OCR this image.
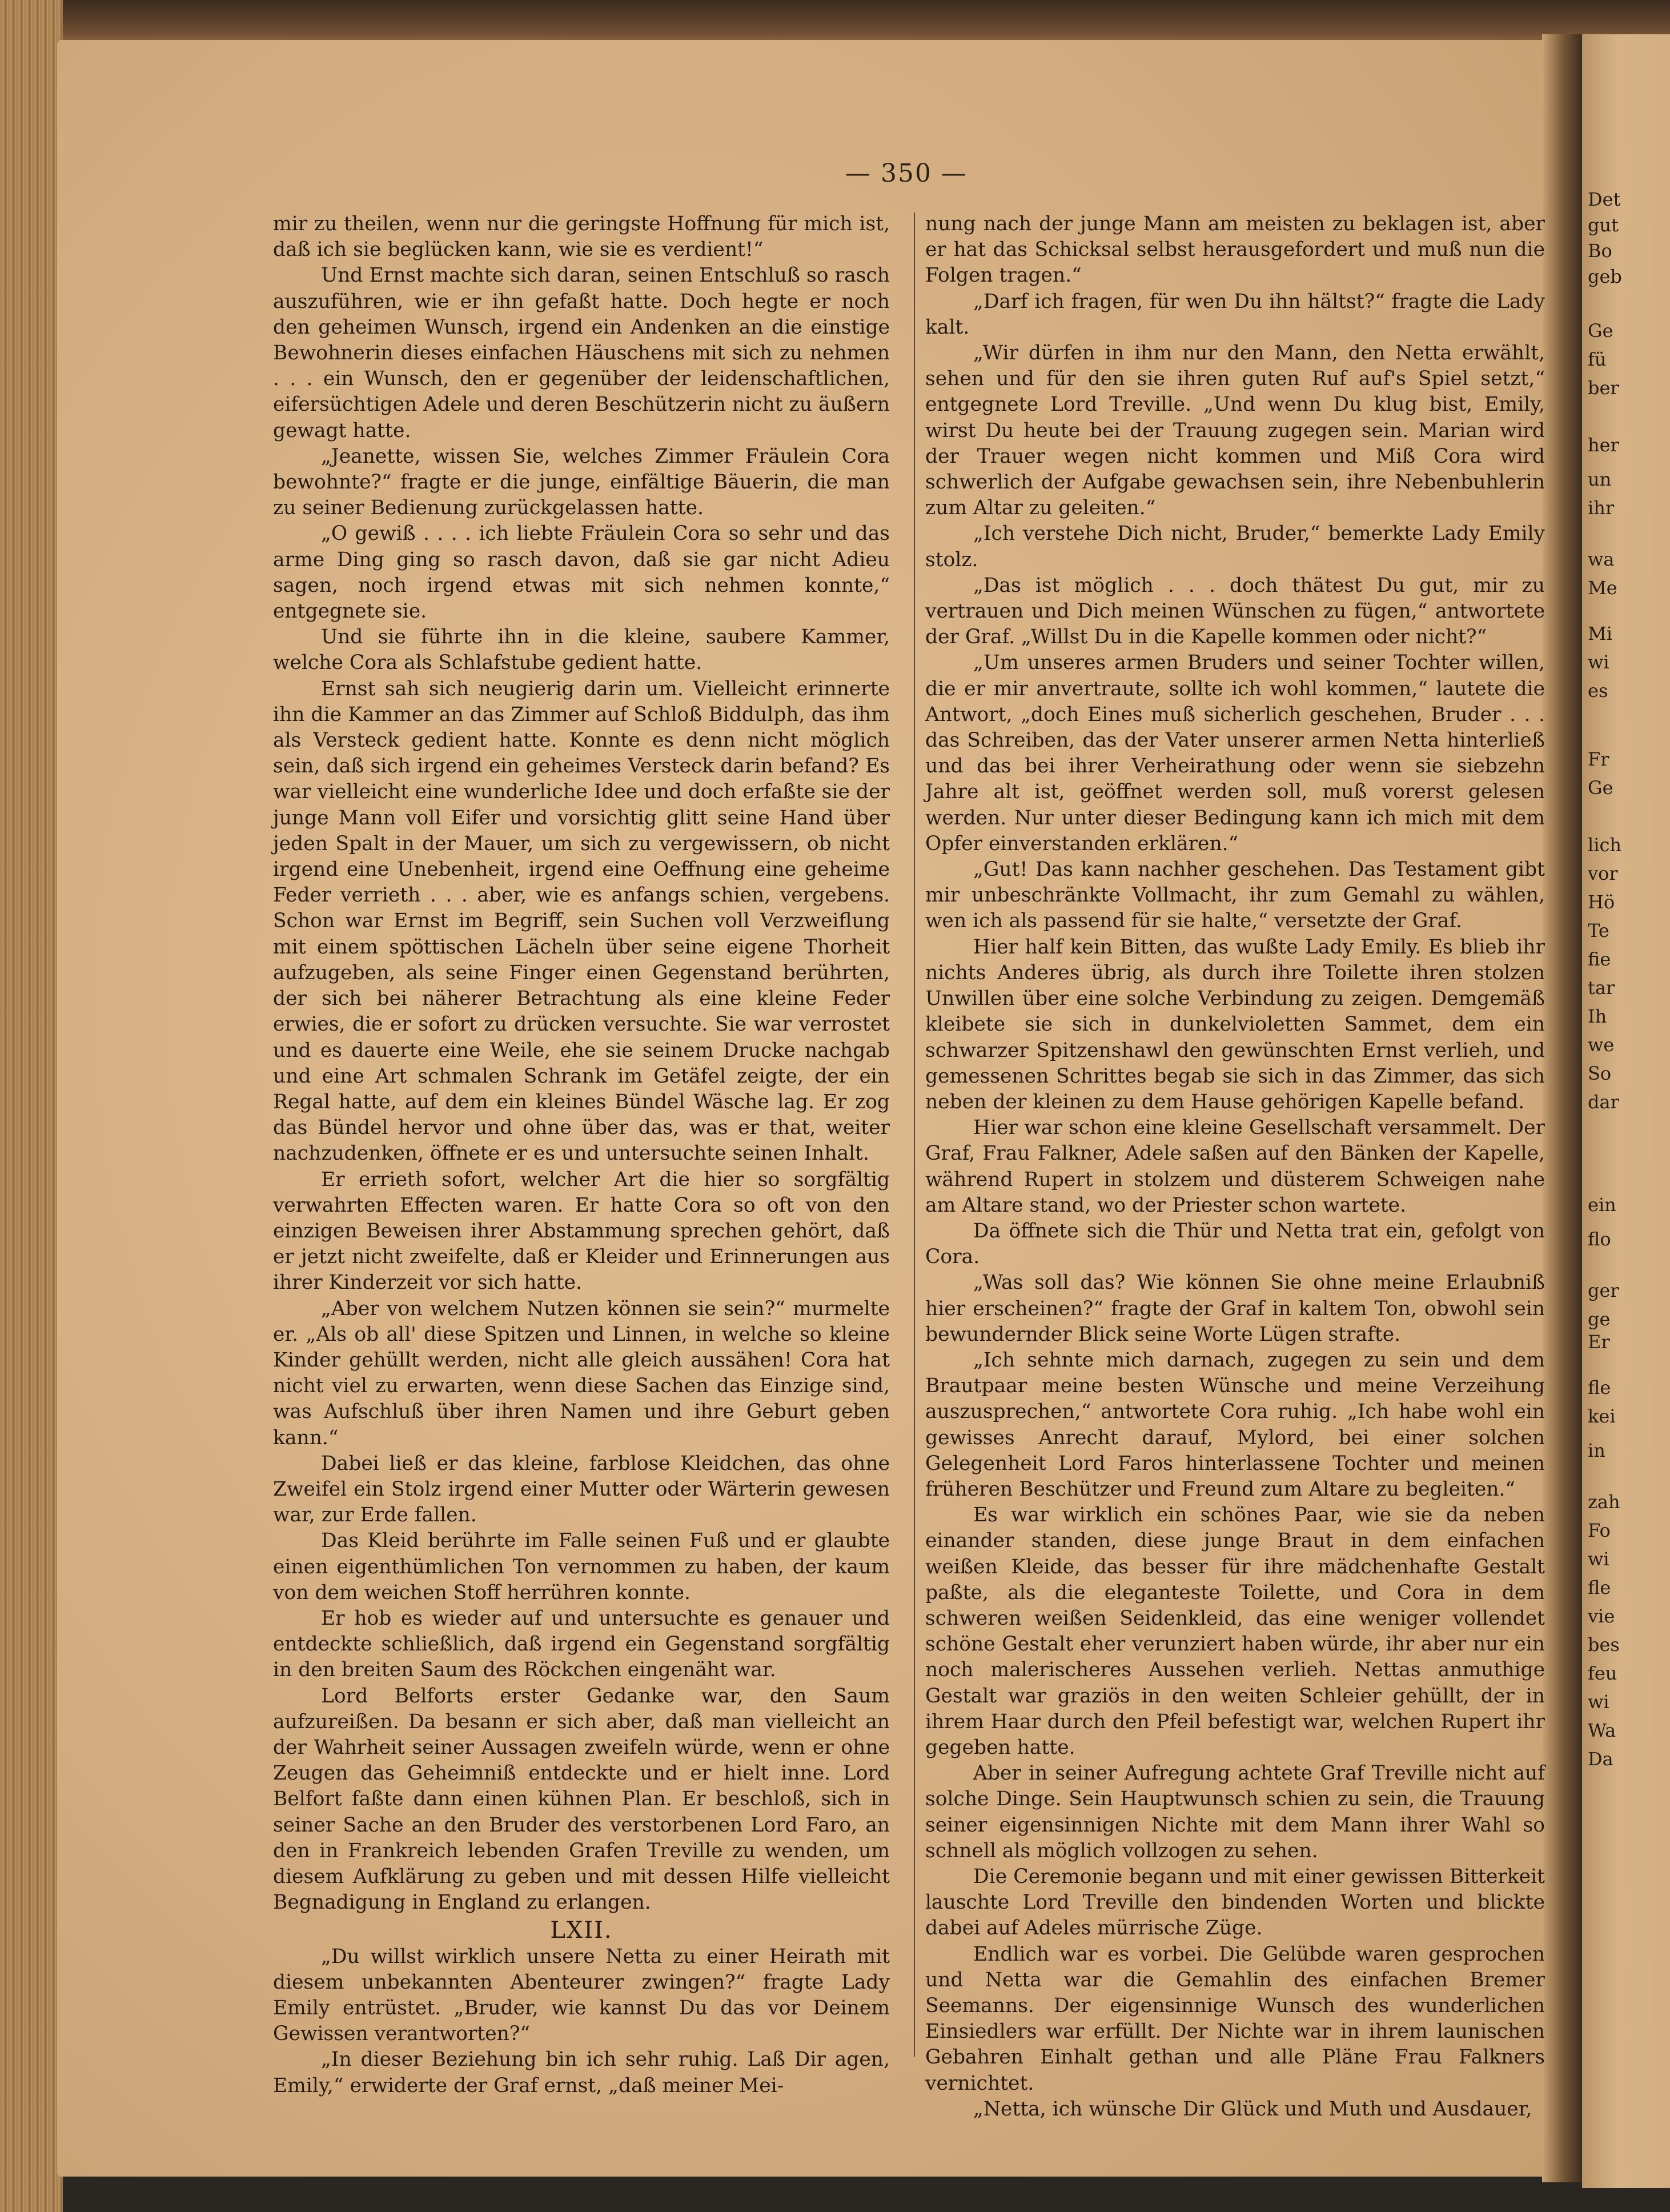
Det
gut
Bo
geb
Ge
fü
ber
her
un
ihr
wa
Me
Mi
wi
es
Fr
Ge
lich
vor
Hö
Te
fie
tar
Ih
we
So
dar
ein
flo
ger
ge
Er
fle
kei
in
zah
Fo
wi
fle
vie
bes
feu
wi
Wa
Da
— 350 —

mir zu theilen, wenn nur die geringste Hoffnung für mich ist, daß ich sie beglücken kann, wie sie es verdient!“

Und Ernst machte sich daran, seinen Entschluß so rasch auszuführen, wie er ihn gefaßt hatte. Doch hegte er noch den geheimen Wunsch, irgend ein Andenken an die einstige Bewohnerin dieses einfachen Häuschens mit sich zu nehmen . . . ein Wunsch, den er gegenüber der leidenschaftlichen, eifersüchtigen Adele und deren Beschützerin nicht zu äußern gewagt hatte.

„Jeanette, wissen Sie, welches Zimmer Fräulein Cora bewohnte?“ fragte er die junge, einfältige Bäuerin, die man zu seiner Bedienung zurückgelassen hatte.

„O gewiß . . . . ich liebte Fräulein Cora so sehr und das arme Ding ging so rasch davon, daß sie gar nicht Adieu sagen, noch irgend etwas mit sich nehmen konnte,“ entgegnete sie.

Und sie führte ihn in die kleine, saubere Kammer, welche Cora als Schlafstube gedient hatte.

Ernst sah sich neugierig darin um. Vielleicht erinnerte ihn die Kammer an das Zimmer auf Schloß Biddulph, das ihm als Versteck gedient hatte. Konnte es denn nicht möglich sein, daß sich irgend ein geheimes Versteck darin befand? Es war vielleicht eine wunderliche Idee und doch erfaßte sie der junge Mann voll Eifer und vorsichtig glitt seine Hand über jeden Spalt in der Mauer, um sich zu vergewissern, ob nicht irgend eine Unebenheit, irgend eine Oeffnung eine geheime Feder verrieth . . . aber, wie es anfangs schien, vergebens. Schon war Ernst im Begriff, sein Suchen voll Verzweiflung mit einem spöttischen Lächeln über seine eigene Thorheit aufzugeben, als seine Finger einen Gegenstand berührten, der sich bei näherer Betrachtung als eine kleine Feder erwies, die er sofort zu drücken versuchte. Sie war verrostet und es dauerte eine Weile, ehe sie seinem Drucke nachgab und eine Art schmalen Schrank im Getäfel zeigte, der ein Regal hatte, auf dem ein kleines Bündel Wäsche lag. Er zog das Bündel hervor und ohne über das, was er that, weiter nachzudenken, öffnete er es und untersuchte seinen Inhalt.

Er errieth sofort, welcher Art die hier so sorgfältig verwahrten Effecten waren. Er hatte Cora so oft von den einzigen Beweisen ihrer Abstammung sprechen gehört, daß er jetzt nicht zweifelte, daß er Kleider und Erinnerungen aus ihrer Kinderzeit vor sich hatte.

„Aber von welchem Nutzen können sie sein?“ murmelte er. „Als ob all' diese Spitzen und Linnen, in welche so kleine Kinder gehüllt werden, nicht alle gleich aussähen! Cora hat nicht viel zu erwarten, wenn diese Sachen das Einzige sind, was Aufschluß über ihren Namen und ihre Geburt geben kann.“

Dabei ließ er das kleine, farblose Kleidchen, das ohne Zweifel ein Stolz irgend einer Mutter oder Wärterin gewesen war, zur Erde fallen.

Das Kleid berührte im Falle seinen Fuß und er glaubte einen eigenthümlichen Ton vernommen zu haben, der kaum von dem weichen Stoff herrühren konnte.

Er hob es wieder auf und untersuchte es genauer und entdeckte schließlich, daß irgend ein Gegenstand sorgfältig in den breiten Saum des Röckchen eingenäht war.

Lord Belforts erster Gedanke war, den Saum aufzureißen. Da besann er sich aber, daß man vielleicht an der Wahrheit seiner Aussagen zweifeln würde, wenn er ohne Zeugen das Geheimniß entdeckte und er hielt inne. Lord Belfort faßte dann einen kühnen Plan. Er beschloß, sich in seiner Sache an den Bruder des verstorbenen Lord Faro, an den in Frankreich lebenden Grafen Treville zu wenden, um diesem Aufklärung zu geben und mit dessen Hilfe vielleicht Begnadigung in England zu erlangen.

LXII.

„Du willst wirklich unsere Netta zu einer Heirath mit diesem unbekannten Abenteurer zwingen?“ fragte Lady Emily entrüstet. „Bruder, wie kannst Du das vor Deinem Gewissen verantworten?“

„In dieser Beziehung bin ich sehr ruhig. Laß Dir agen, Emily,“ erwiderte der Graf ernst, „daß meiner Mei-

nung nach der junge Mann am meisten zu beklagen ist, aber er hat das Schicksal selbst herausgefordert und muß nun die Folgen tragen.“

„Darf ich fragen, für wen Du ihn hältst?“ fragte die Lady kalt.

„Wir dürfen in ihm nur den Mann, den Netta erwählt, sehen und für den sie ihren guten Ruf auf's Spiel setzt,“ entgegnete Lord Treville. „Und wenn Du klug bist, Emily, wirst Du heute bei der Trauung zugegen sein. Marian wird der Trauer wegen nicht kommen und Miß Cora wird schwerlich der Aufgabe gewachsen sein, ihre Nebenbuhlerin zum Altar zu geleiten.“

„Ich verstehe Dich nicht, Bruder,“ bemerkte Lady Emily stolz.

„Das ist möglich . . . doch thätest Du gut, mir zu vertrauen und Dich meinen Wünschen zu fügen,“ antwortete der Graf. „Willst Du in die Kapelle kommen oder nicht?“

„Um unseres armen Bruders und seiner Tochter willen, die er mir anvertraute, sollte ich wohl kommen,“ lautete die Antwort, „doch Eines muß sicherlich geschehen, Bruder . . . das Schreiben, das der Vater unserer armen Netta hinterließ und das bei ihrer Verheirathung oder wenn sie siebzehn Jahre alt ist, geöffnet werden soll, muß vorerst gelesen werden. Nur unter dieser Bedingung kann ich mich mit dem Opfer einverstanden erklären.“

„Gut! Das kann nachher geschehen. Das Testament gibt mir unbeschränkte Vollmacht, ihr zum Gemahl zu wählen, wen ich als passend für sie halte,“ versetzte der Graf.

Hier half kein Bitten, das wußte Lady Emily. Es blieb ihr nichts Anderes übrig, als durch ihre Toilette ihren stolzen Unwillen über eine solche Verbindung zu zeigen. Demgemäß kleibete sie sich in dunkelvioletten Sammet, dem ein schwarzer Spitzenshawl den gewünschten Ernst verlieh, und gemessenen Schrittes begab sie sich in das Zimmer, das sich neben der kleinen zu dem Hause gehörigen Kapelle befand.

Hier war schon eine kleine Gesellschaft versammelt. Der Graf, Frau Falkner, Adele saßen auf den Bänken der Kapelle, während Rupert in stolzem und düsterem Schweigen nahe am Altare stand, wo der Priester schon wartete.

Da öffnete sich die Thür und Netta trat ein, gefolgt von Cora.

„Was soll das? Wie können Sie ohne meine Erlaubniß hier erscheinen?“ fragte der Graf in kaltem Ton, obwohl sein bewundernder Blick seine Worte Lügen strafte.

„Ich sehnte mich darnach, zugegen zu sein und dem Brautpaar meine besten Wünsche und meine Verzeihung auszusprechen,“ antwortete Cora ruhig. „Ich habe wohl ein gewisses Anrecht darauf, Mylord, bei einer solchen Gelegenheit Lord Faros hinterlassene Tochter und meinen früheren Beschützer und Freund zum Altare zu begleiten.“

Es war wirklich ein schönes Paar, wie sie da neben einander standen, diese junge Braut in dem einfachen weißen Kleide, das besser für ihre mädchenhafte Gestalt paßte, als die eleganteste Toilette, und Cora in dem schweren weißen Seidenkleid, das eine weniger vollendet schöne Gestalt eher verunziert haben würde, ihr aber nur ein noch malerischeres Aussehen verlieh. Nettas anmuthige Gestalt war graziös in den weiten Schleier gehüllt, der in ihrem Haar durch den Pfeil befestigt war, welchen Rupert ihr gegeben hatte.

Aber in seiner Aufregung achtete Graf Treville nicht auf solche Dinge. Sein Hauptwunsch schien zu sein, die Trauung seiner eigensinnigen Nichte mit dem Mann ihrer Wahl so schnell als möglich vollzogen zu sehen.

Die Ceremonie begann und mit einer gewissen Bitterkeit lauschte Lord Treville den bindenden Worten und blickte dabei auf Adeles mürrische Züge.

Endlich war es vorbei. Die Gelübde waren gesprochen und Netta war die Gemahlin des einfachen Bremer Seemanns. Der eigensinnige Wunsch des wunderlichen Einsiedlers war erfüllt. Der Nichte war in ihrem launischen Gebahren Einhalt gethan und alle Pläne Frau Falkners vernichtet.

„Netta, ich wünsche Dir Glück und Muth und Ausdauer,
